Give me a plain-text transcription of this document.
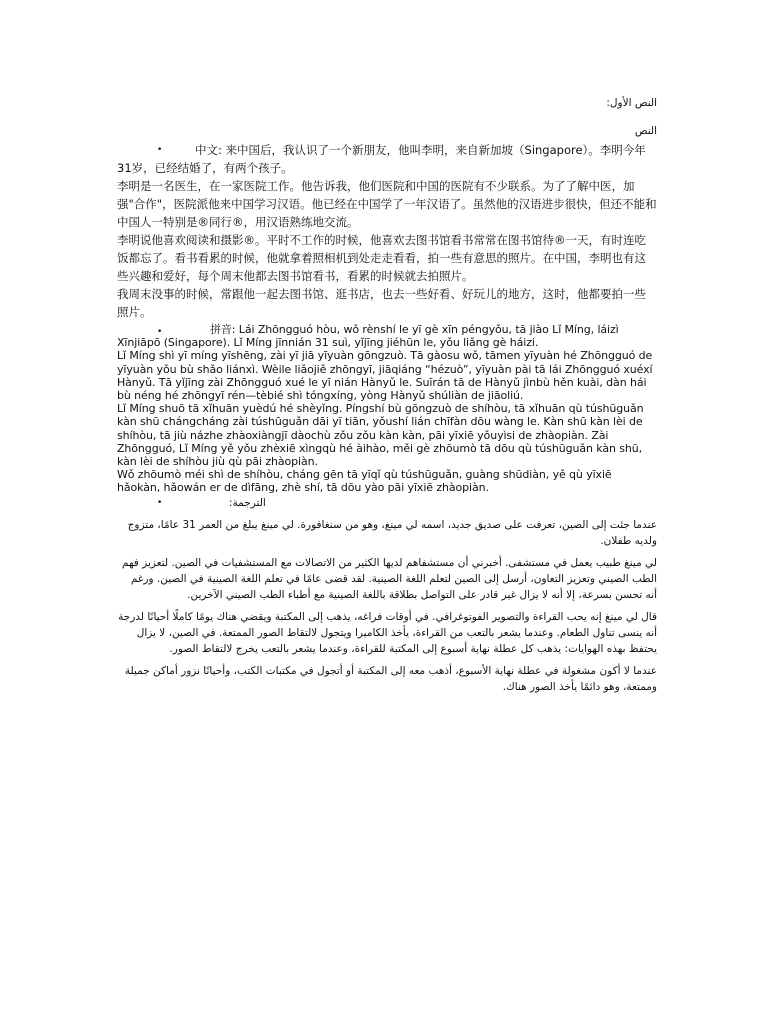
النص الأول:
النص
•	中文: 来中国后，我认识了一个新朋友，他叫李明，来自新加坡（Singapore）。李明今年31岁，已经结婚了，有两个孩子。

李明是一名医生，在一家医院工作。他告诉我，他们医院和中国的医院有不少联系。为了了解中医，加强"合作"，医院派他来中国学习汉语。他已经在中国学了一年汉语了。虽然他的汉语进步很快，但还不能和中国人一特别是®同行®，用汉语熟练地交流。

李明说他喜欢阅读和摄影®。平时不工作的时候，他喜欢去图书馆看书常常在图书馆待®一天，有时连吃饭都忘了。看书看累的时候，他就拿着照相机到处走走看看，拍一些有意思的照片。在中国，李明也有这些兴趣和爱好，每个周末他都去图书馆看书，看累的时候就去拍照片。

我周末没事的时候，常跟他一起去图书馆、逛书店，也去一些好看、好玩儿的地方，这时，他都要拍一些照片。

•	拼音: Lái Zhōngguó hòu, wǒ rènshí le yī gè xīn péngyǒu, tā jiào Lǐ Míng, láizì Xīnjiāpō (Singapore). Lǐ Míng jīnnián 31 suì, yǐjīng jiéhūn le, yǒu liǎng gè háizi.

Lǐ Míng shì yī míng yīshēng, zài yī jiā yīyuàn gōngzuò. Tā gàosu wǒ, tāmen yīyuàn hé Zhōngguó de yīyuàn yǒu bù shǎo liánxì. Wèile liǎojiě zhōngyī, jiāqiáng “hézuò”, yīyuàn pài tā lái Zhōngguó xuéxí Hànyǔ. Tā yǐjīng zài Zhōngguó xué le yī nián Hànyǔ le. Suīrán tā de Hànyǔ jìnbù hěn kuài, dàn hái bù néng hé zhōngyī rén—tèbié shì tóngxíng, yòng Hànyǔ shúliàn de jiāoliú.

Lǐ Míng shuō tā xǐhuān yuèdú hé shèyǐng. Píngshí bù gōngzuò de shíhòu, tā xǐhuān qù túshūguǎn kàn shū chángcháng zài túshūguǎn dāi yī tiān, yǒushí lián chīfàn dōu wàng le. Kàn shū kàn lèi de shíhòu, tā jiù názhe zhàoxiàngjī dàochù zǒu zǒu kàn kàn, pāi yīxiē yǒuyìsi de zhàopiàn. Zài Zhōngguó, Lǐ Míng yě yǒu zhèxiē xìngqù hé àihào, měi gè zhōumò tā dōu qù túshūguǎn kàn shū, kàn lèi de shíhòu jiù qù pāi zhàopiàn.

Wǒ zhōumò méi shì de shíhòu, cháng gēn tā yīqǐ qù túshūguǎn, guàng shūdiàn, yě qù yīxiē hǎokàn, hǎowán er de dìfāng, zhè shí, tā dōu yào pāi yīxiē zhàopiàn.

•	الترجمة:

عندما جئت إلى الصين، تعرفت على صديق جديد، اسمه لي مينغ، وهو من سنغافورة. لي مينغ يبلغ من العمر 31 عامًا، متزوج ولديه طفلان.

لي مينغ طبيب يعمل في مستشفى. أخبرني أن مستشفاهم لديها الكثير من الاتصالات مع المستشفيات في الصين. لتعزيز فهم الطب الصيني وتعزيز التعاون، أرسل إلى الصين لتعلم اللغة الصينية. لقد قضى عامًا في تعلم اللغة الصينية في الصين. ورغم أنه تحسن بسرعة، إلا أنه لا يزال غير قادر على التواصل بطلاقة باللغة الصينية مع أطباء الطب الصيني الآخرين.

قال لي مينغ إنه يحب القراءة والتصوير الفوتوغرافي. في أوقات فراغه، يذهب إلى المكتبة ويقضي هناك يومًا كاملًا أحيانًا لدرجة أنه ينسى تناول الطعام. وعندما يشعر بالتعب من القراءة، يأخذ الكاميرا ويتجول لالتقاط الصور الممتعة. في الصين، لا يزال يحتفظ بهذه الهوايات: يذهب كل عطلة نهاية أسبوع إلى المكتبة للقراءة، وعندما يشعر بالتعب يخرج لالتقاط الصور.

عندما لا أكون مشغولة في عطلة نهاية الأسبوع، أذهب معه إلى المكتبة أو أتجول في مكتبات الكتب، وأحيانًا نزور أماكن جميلة وممتعة، وهو دائمًا يأخذ الصور هناك.
